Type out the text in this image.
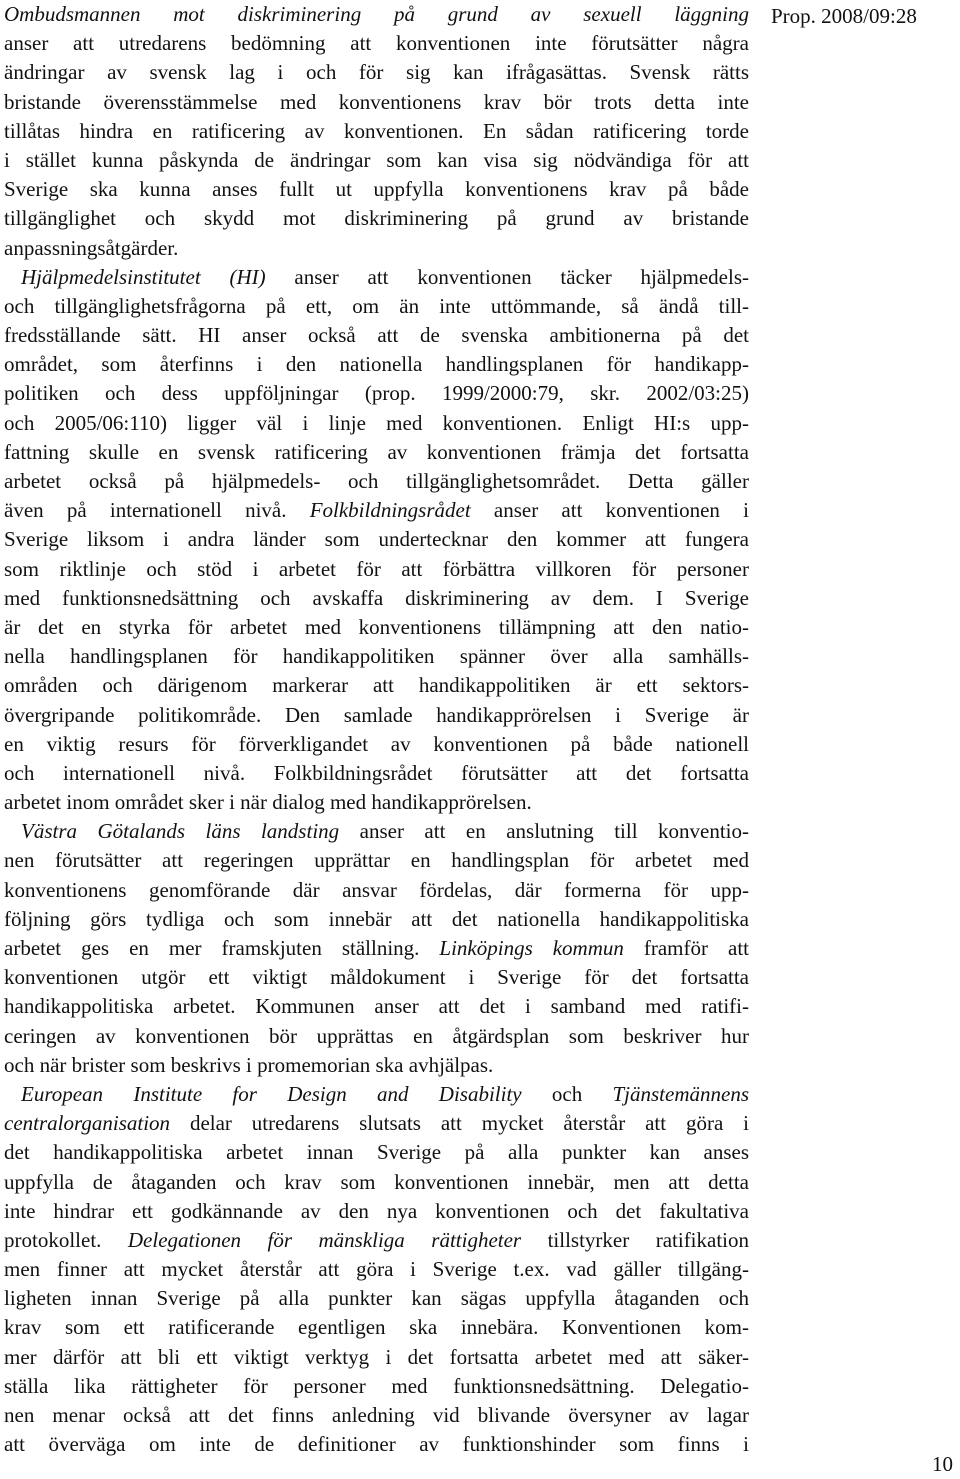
Prop. 2008/09:28
Ombudsmannen mot diskriminering på grund av sexuell läggning
anser att utredarens bedömning att konventionen inte förutsätter några
ändringar av svensk lag i och för sig kan ifrågasättas. Svensk rätts
bristande överensstämmelse med konventionens krav bör trots detta inte
tillåtas hindra en ratificering av konventionen. En sådan ratificering torde
i stället kunna påskynda de ändringar som kan visa sig nödvändiga för att
Sverige ska kunna anses fullt ut uppfylla konventionens krav på både
tillgänglighet och skydd mot diskriminering på grund av bristande
anpassningsåtgärder.
Hjälpmedelsinstitutet (HI) anser att konventionen täcker hjälpmedels-
och tillgänglighetsfrågorna på ett, om än inte uttömmande, så ändå till-
fredsställande sätt. HI anser också att de svenska ambitionerna på det
området, som återfinns i den nationella handlingsplanen för handikapp-
politiken och dess uppföljningar (prop. 1999/2000:79, skr. 2002/03:25)
och 2005/06:110) ligger väl i linje med konventionen. Enligt HI:s upp-
fattning skulle en svensk ratificering av konventionen främja det fortsatta
arbetet också på hjälpmedels- och tillgänglighetsområdet. Detta gäller
även på internationell nivå. Folkbildningsrådet anser att konventionen i
Sverige liksom i andra länder som undertecknar den kommer att fungera
som riktlinje och stöd i arbetet för att förbättra villkoren för personer
med funktionsnedsättning och avskaffa diskriminering av dem. I Sverige
är det en styrka för arbetet med konventionens tillämpning att den natio-
nella handlingsplanen för handikappolitiken spänner över alla samhälls-
områden och därigenom markerar att handikappolitiken är ett sektors-
övergripande politikområde. Den samlade handikapprörelsen i Sverige är
en viktig resurs för förverkligandet av konventionen på både nationell
och internationell nivå. Folkbildningsrådet förutsätter att det fortsatta
arbetet inom området sker i när dialog med handikapprörelsen.
Västra Götalands läns landsting anser att en anslutning till konventio-
nen förutsätter att regeringen upprättar en handlingsplan för arbetet med
konventionens genomförande där ansvar fördelas, där formerna för upp-
följning görs tydliga och som innebär att det nationella handikappolitiska
arbetet ges en mer framskjuten ställning. Linköpings kommun framför att
konventionen utgör ett viktigt måldokument i Sverige för det fortsatta
handikappolitiska arbetet. Kommunen anser att det i samband med ratifi-
ceringen av konventionen bör upprättas en åtgärdsplan som beskriver hur
och när brister som beskrivs i promemorian ska avhjälpas.
European Institute for Design and Disability och Tjänstemännens
centralorganisation delar utredarens slutsats att mycket återstår att göra i
det handikappolitiska arbetet innan Sverige på alla punkter kan anses
uppfylla de åtaganden och krav som konventionen innebär, men att detta
inte hindrar ett godkännande av den nya konventionen och det fakultativa
protokollet. Delegationen för mänskliga rättigheter tillstyrker ratifikation
men finner att mycket återstår att göra i Sverige t.ex. vad gäller tillgäng-
ligheten innan Sverige på alla punkter kan sägas uppfylla åtaganden och
krav som ett ratificerande egentligen ska innebära. Konventionen kom-
mer därför att bli ett viktigt verktyg i det fortsatta arbetet med att säker-
ställa lika rättigheter för personer med funktionsnedsättning. Delegatio-
nen menar också att det finns anledning vid blivande översyner av lagar
att överväga om inte de definitioner av funktionshinder som finns i
10
